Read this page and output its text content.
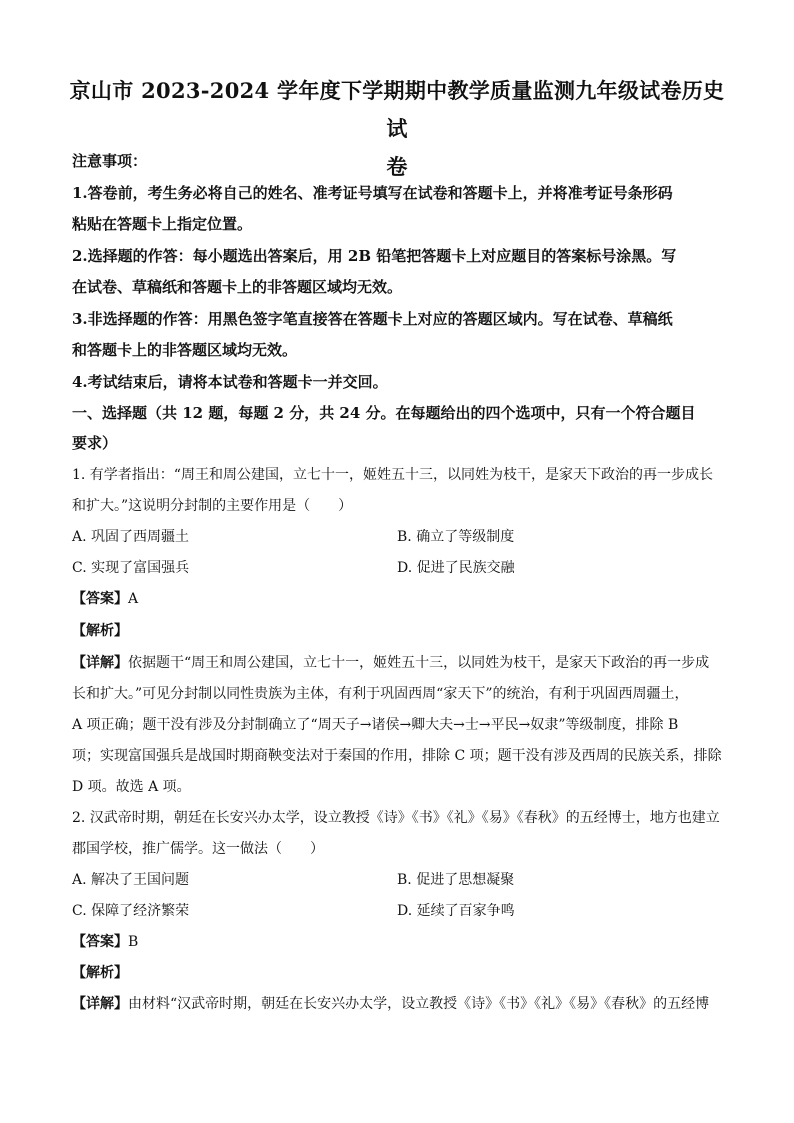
京山市 2023-2024 学年度下学期期中教学质量监测九年级试卷历史试
卷
注意事项：
1.答卷前，考生务必将自己的姓名、准考证号填写在试卷和答题卡上，并将准考证号条形码
粘贴在答题卡上指定位置。
2.选择题的作答：每小题选出答案后，用 2B 铅笔把答题卡上对应题目的答案标号涂黑。写
在试卷、草稿纸和答题卡上的非答题区域均无效。
3.非选择题的作答：用黑色签字笔直接答在答题卡上对应的答题区域内。写在试卷、草稿纸
和答题卡上的非答题区域均无效。
4.考试结束后，请将本试卷和答题卡一并交回。
一、选择题（共 12 题，每题 2 分，共 24 分。在每题给出的四个选项中，只有一个符合题目
要求）
1. 有学者指出：“周王和周公建国，立七十一，姬姓五十三，以同姓为枝干，是家天下政治的再一步成长
和扩大。”这说明分封制的主要作用是（　　）
A. 巩固了西周疆土	B. 确立了等级制度
C. 实现了富国强兵	D. 促进了民族交融
【答案】A
【解析】
【详解】依据题干“周王和周公建国，立七十一，姬姓五十三，以同姓为枝干，是家天下政治的再一步成
长和扩大。”可见分封制以同性贵族为主体，有利于巩固西周“家天下”的统治，有利于巩固西周疆土，
A 项正确；题干没有涉及分封制确立了“周天子→诸侯→卿大夫→士→平民→奴隶”等级制度，排除 B
项；实现富国强兵是战国时期商鞅变法对于秦国的作用，排除 C 项；题干没有涉及西周的民族关系，排除
D 项。故选 A 项。
2. 汉武帝时期，朝廷在长安兴办太学，设立教授《诗》《书》《礼》《易》《春秋》的五经博士，地方也建立
郡国学校，推广儒学。这一做法（　　）
A. 解决了王国问题	B. 促进了思想凝聚
C. 保障了经济繁荣	D. 延续了百家争鸣
【答案】B
【解析】
【详解】由材料“汉武帝时期，朝廷在长安兴办太学，设立教授《诗》《书》《礼》《易》《春秋》的五经博
